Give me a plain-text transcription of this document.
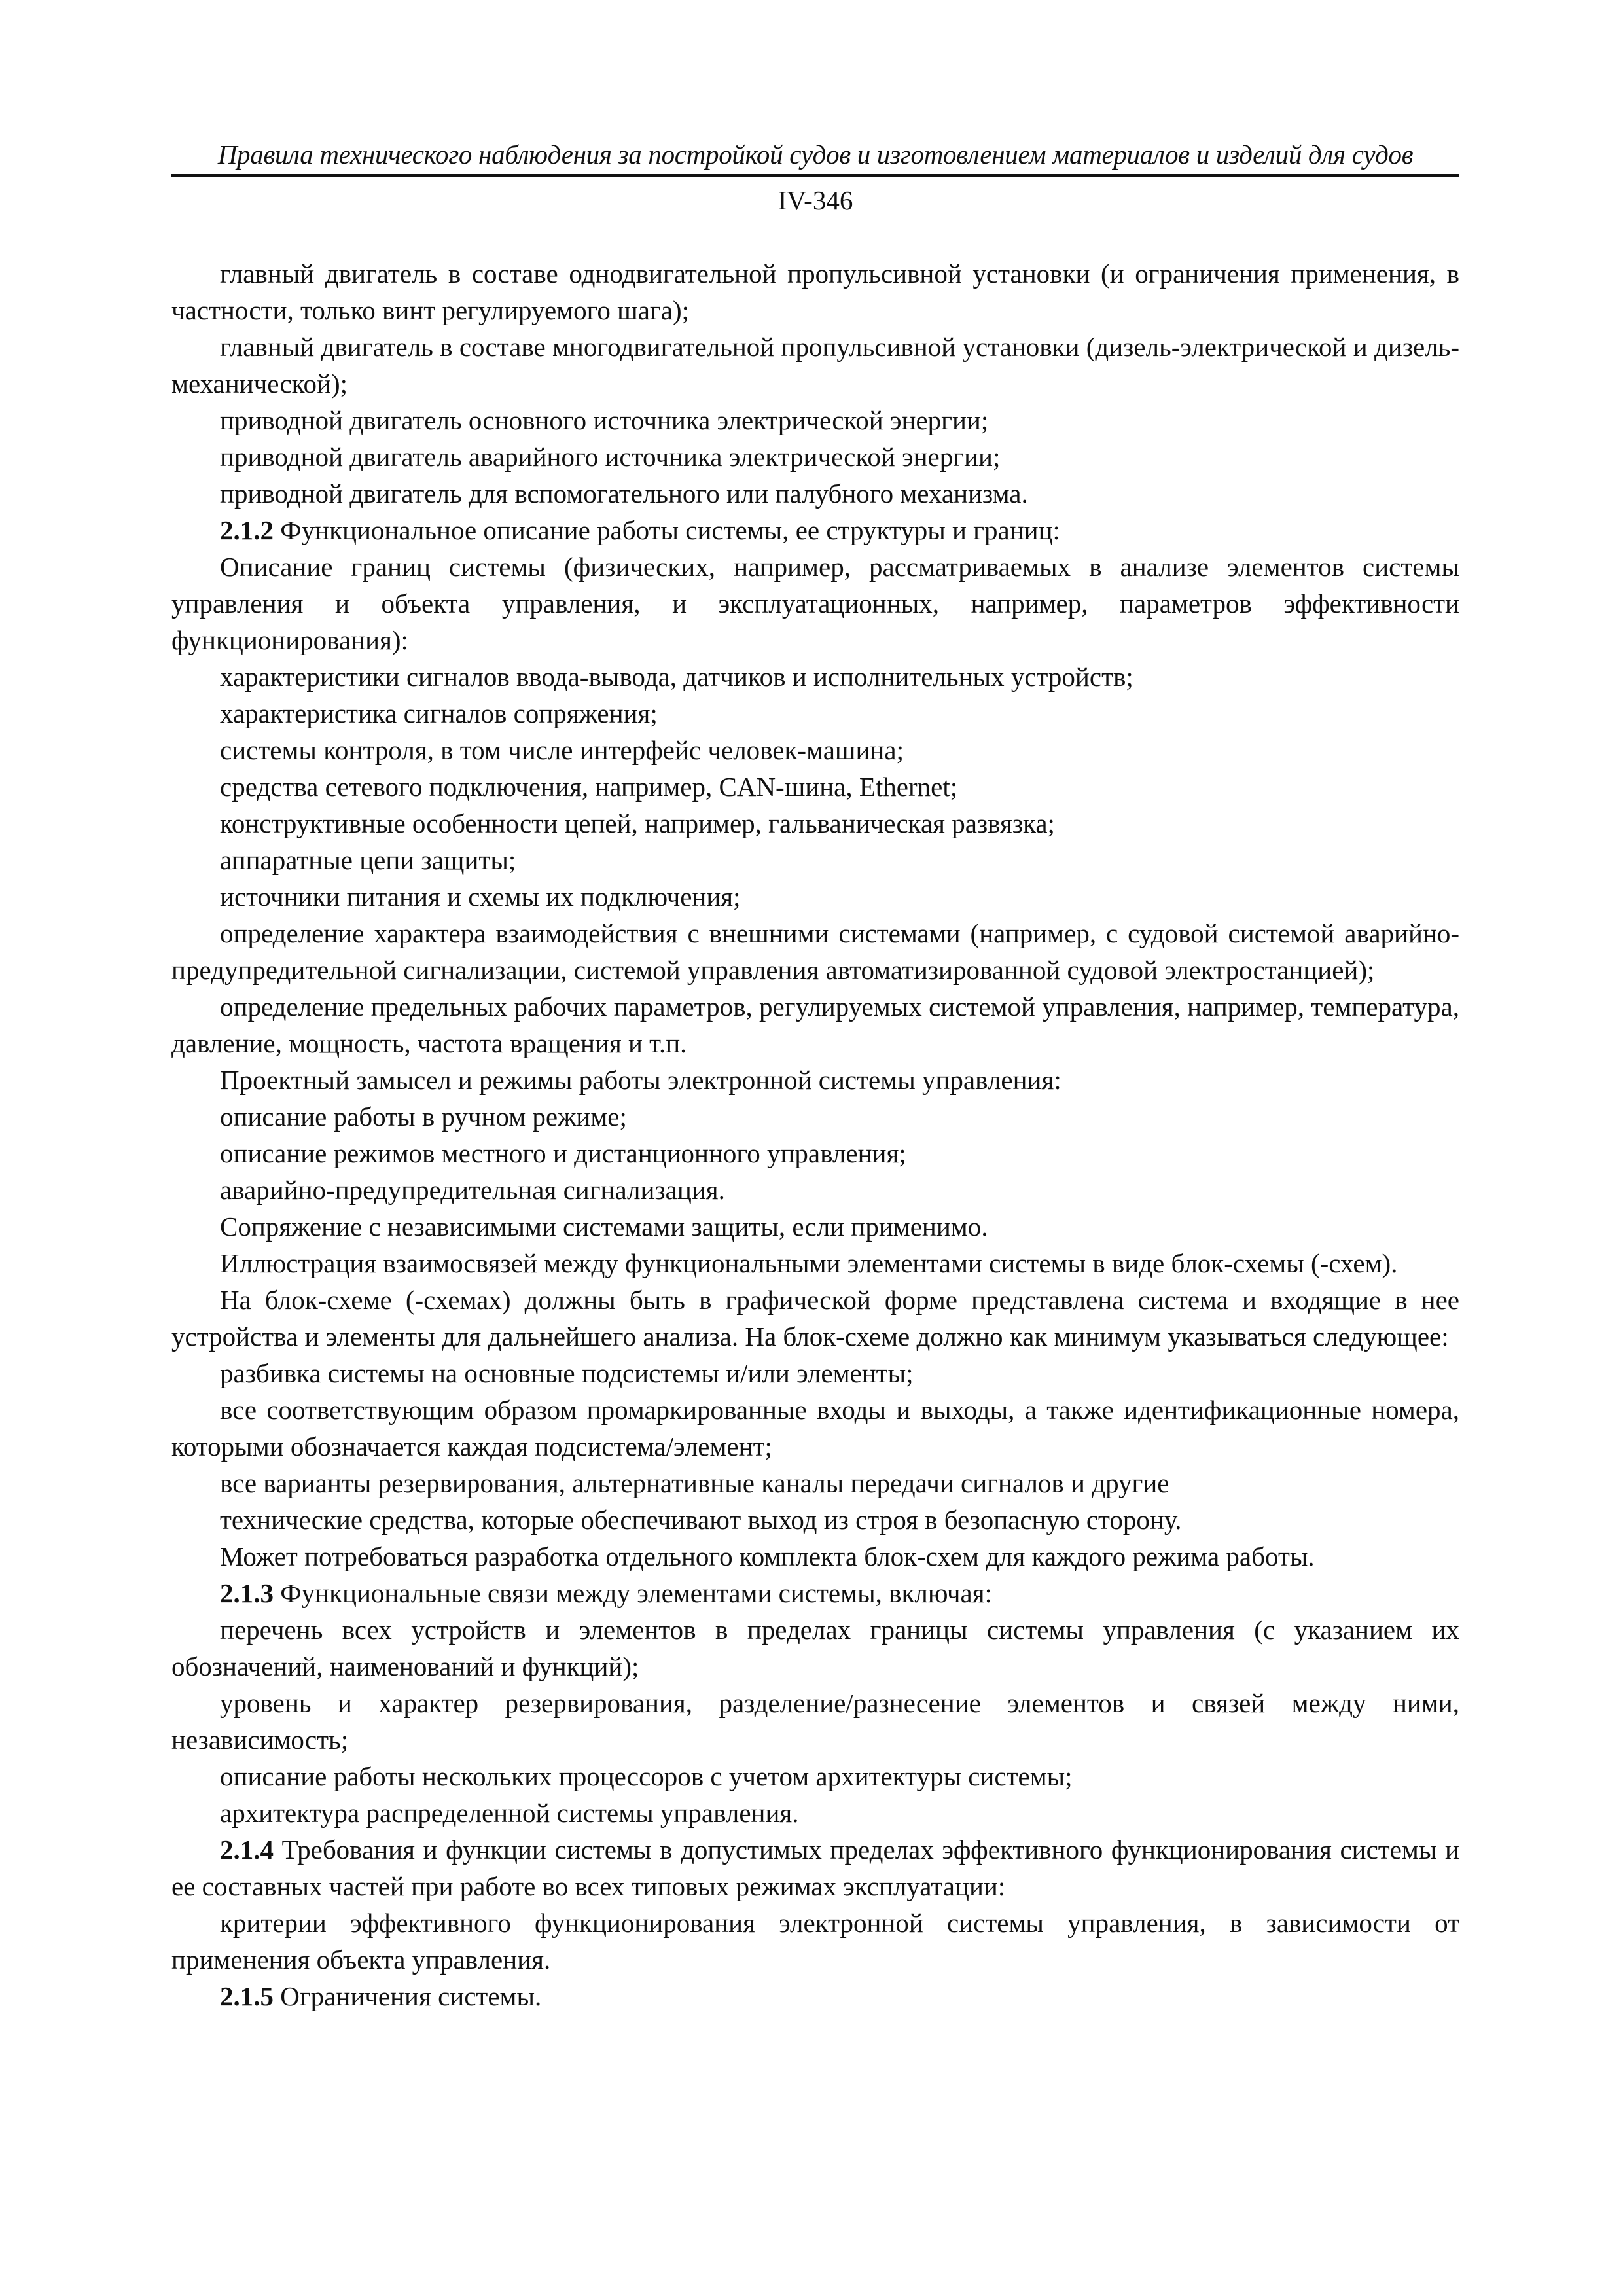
Правила технического наблюдения за постройкой судов и изготовлением материалов и изделий для судов
IV-346

главный двигатель в составе однодвигательной пропульсивной установки (и ограничения применения, в частности, только винт регулируемого шага);

главный двигатель в составе многодвигательной пропульсивной установки (дизель-электрической и дизель-механической);

приводной двигатель основного источника электрической энергии;

приводной двигатель аварийного источника электрической энергии;

приводной двигатель для вспомогательного или палубного механизма.

2.1.2 Функциональное описание работы системы, ее структуры и границ:

Описание границ системы (физических, например, рассматриваемых в анализе элементов системы управления и объекта управления, и эксплуатационных, например, параметров эффективности функционирования):

характеристики сигналов ввода-вывода, датчиков и исполнительных устройств;

характеристика сигналов сопряжения;

системы контроля, в том числе интерфейс человек-машина;

средства сетевого подключения, например, CAN-шина, Ethernet;

конструктивные особенности цепей, например, гальваническая развязка;

аппаратные цепи защиты;

источники питания и схемы их подключения;

определение характера взаимодействия с внешними системами (например, с судовой системой аварийно-предупредительной сигнализации, системой управления автоматизированной судовой электростанцией);

определение предельных рабочих параметров, регулируемых системой управления, например, температура, давление, мощность, частота вращения и т.п.

Проектный замысел и режимы работы электронной системы управления:

описание работы в ручном режиме;

описание режимов местного и дистанционного управления;

аварийно-предупредительная сигнализация.

Сопряжение с независимыми системами защиты, если применимо.

Иллюстрация взаимосвязей между функциональными элементами системы в виде блок-схемы (-схем).

На блок-схеме (-схемах) должны быть в графической форме представлена система и входящие в нее устройства и элементы для дальнейшего анализа. На блок-схеме должно как минимум указываться следующее:

разбивка системы на основные подсистемы и/или элементы;

все соответствующим образом промаркированные входы и выходы, а также идентификационные номера, которыми обозначается каждая подсистема/элемент;

все варианты резервирования, альтернативные каналы передачи сигналов и другие

технические средства, которые обеспечивают выход из строя в безопасную сторону.

Может потребоваться разработка отдельного комплекта блок-схем для каждого режима работы.

2.1.3 Функциональные связи между элементами системы, включая:

перечень всех устройств и элементов в пределах границы системы управления (с указанием их обозначений, наименований и функций);

уровень и характер резервирования, разделение/разнесение элементов и связей между ними, независимость;

описание работы нескольких процессоров с учетом архитектуры системы;

архитектура распределенной системы управления.

2.1.4 Требования и функции системы в допустимых пределах эффективного функционирования системы и ее составных частей при работе во всех типовых режимах эксплуатации:

критерии эффективного функционирования электронной системы управления, в зависимости от применения объекта управления.

2.1.5 Ограничения системы.
